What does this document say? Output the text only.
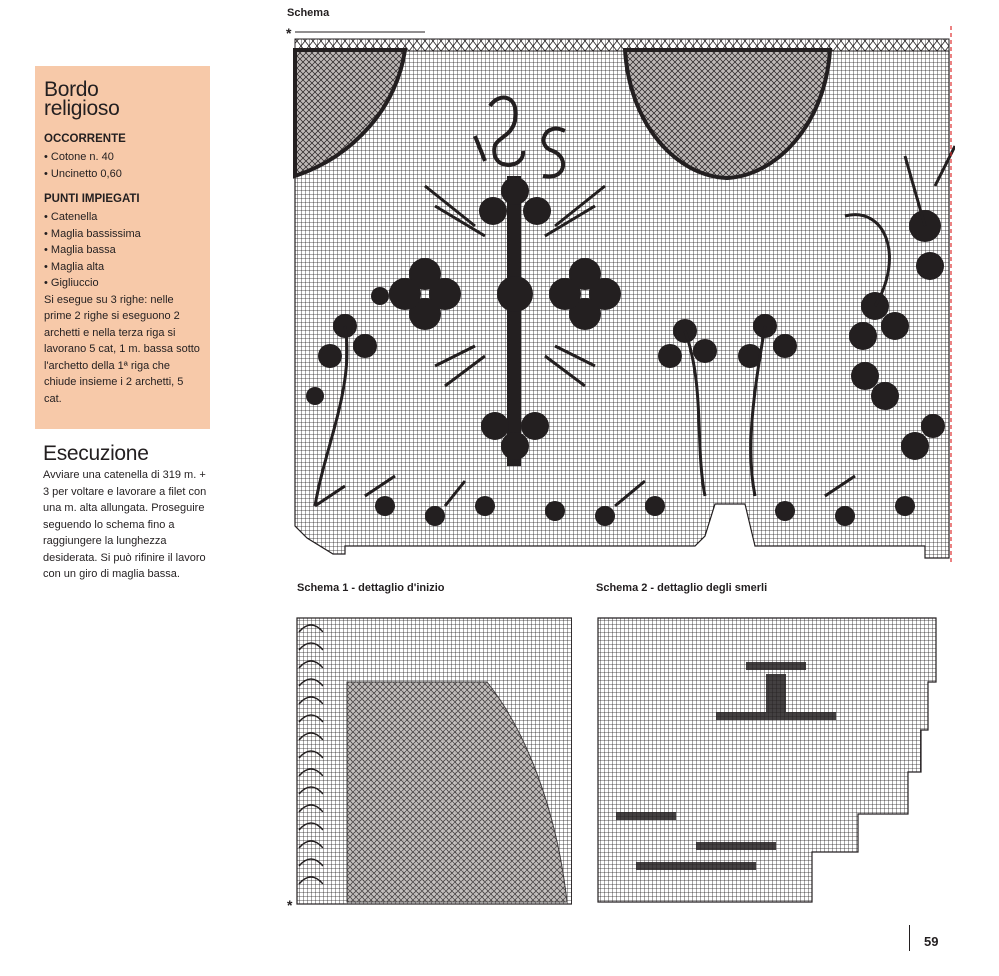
Bordo
religioso

OCCORRENTE

• Cotone n. 40
• Uncinetto 0,60

PUNTI IMPIEGATI

• Catenella
• Maglia bassissima
• Maglia bassa
• Maglia alta
• Gigliuccio

Si esegue su 3 righe: nelle prime 2 righe si eseguono 2 archetti e nella terza riga si lavorano 5 cat, 1 m. bassa sotto l'archetto della 1ª riga che chiude insieme i 2 archetti, 5 cat.

Esecuzione

Avviare una catenella di 319 m. + 3 per voltare e lavorare a filet con una m. alta allungata. Proseguire seguendo lo schema fino a raggiungere la lunghezza desiderata. Si può rifinire il lavoro con un giro di maglia bassa.

Schema

*

Schema 1 - dettaglio d'inizio

*

Schema 2 - dettaglio degli smerli

59
